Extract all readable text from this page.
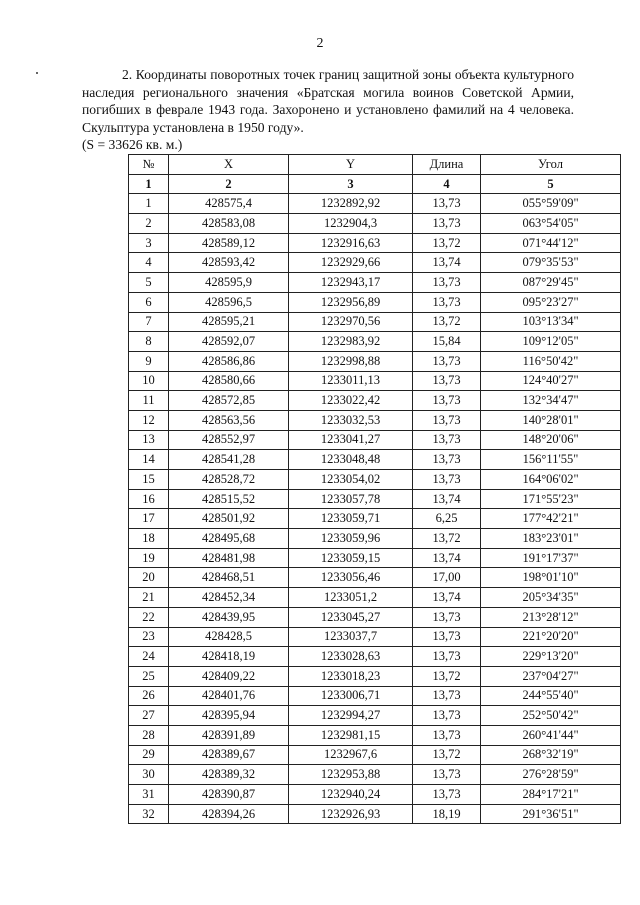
2
2. Координаты поворотных точек границ защитной зоны объекта культурного наследия регионального значения «Братская могила воинов Советской Армии, погибших в феврале 1943 года. Захоронено и установлено фамилий на 4 человека. Скульптура установлена в 1950 году».
(S = 33626 кв. м.)
№	X	Y	Длина	Угол
1	2	3	4	5
1	428575,4	1232892,92	13,73	055°59'09"
2	428583,08	1232904,3	13,73	063°54'05"
3	428589,12	1232916,63	13,72	071°44'12"
4	428593,42	1232929,66	13,74	079°35'53"
5	428595,9	1232943,17	13,73	087°29'45"
6	428596,5	1232956,89	13,73	095°23'27"
7	428595,21	1232970,56	13,72	103°13'34"
8	428592,07	1232983,92	15,84	109°12'05"
9	428586,86	1232998,88	13,73	116°50'42"
10	428580,66	1233011,13	13,73	124°40'27"
11	428572,85	1233022,42	13,73	132°34'47"
12	428563,56	1233032,53	13,73	140°28'01"
13	428552,97	1233041,27	13,73	148°20'06"
14	428541,28	1233048,48	13,73	156°11'55"
15	428528,72	1233054,02	13,73	164°06'02"
16	428515,52	1233057,78	13,74	171°55'23"
17	428501,92	1233059,71	6,25	177°42'21"
18	428495,68	1233059,96	13,72	183°23'01"
19	428481,98	1233059,15	13,74	191°17'37"
20	428468,51	1233056,46	17,00	198°01'10"
21	428452,34	1233051,2	13,74	205°34'35"
22	428439,95	1233045,27	13,73	213°28'12"
23	428428,5	1233037,7	13,73	221°20'20"
24	428418,19	1233028,63	13,73	229°13'20"
25	428409,22	1233018,23	13,72	237°04'27"
26	428401,76	1233006,71	13,73	244°55'40"
27	428395,94	1232994,27	13,73	252°50'42"
28	428391,89	1232981,15	13,73	260°41'44"
29	428389,67	1232967,6	13,72	268°32'19"
30	428389,32	1232953,88	13,73	276°28'59"
31	428390,87	1232940,24	13,73	284°17'21"
32	428394,26	1232926,93	18,19	291°36'51"
